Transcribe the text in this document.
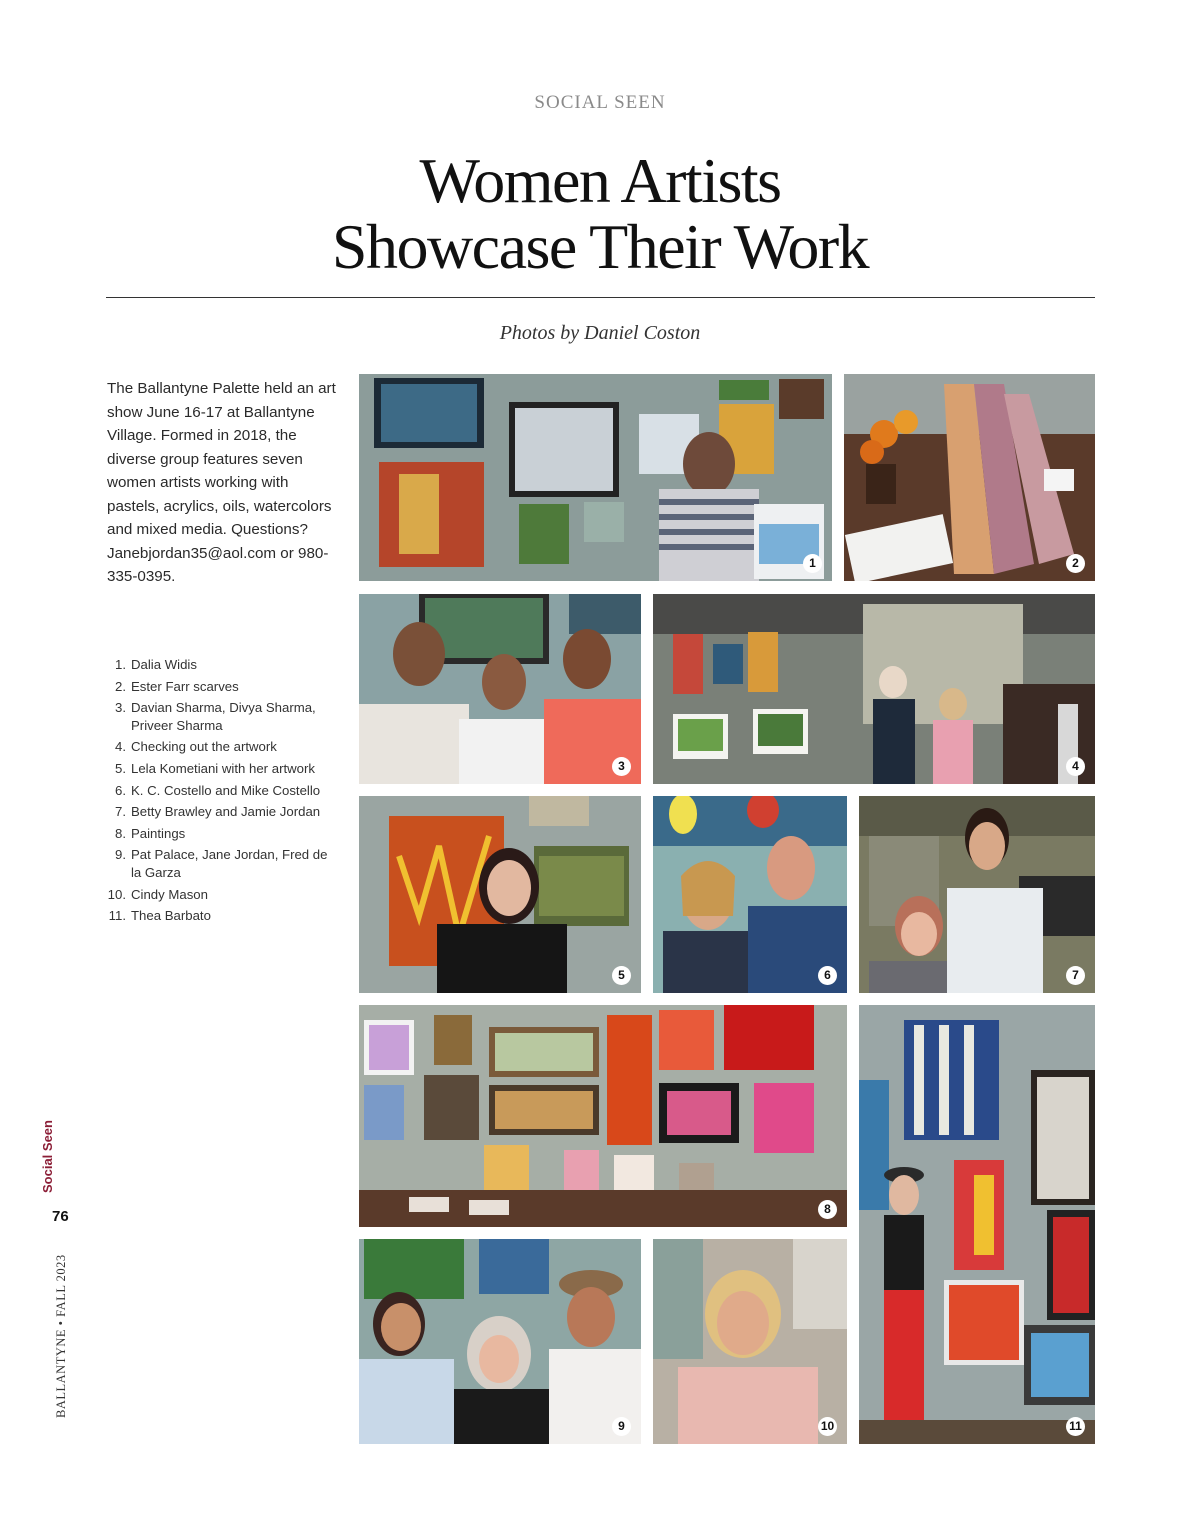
SOCIAL SEEN
Women Artists
Showcase Their Work
Photos by Daniel Coston

The Ballantyne Palette held an art show June 16-17 at Ballantyne Village. Formed in 2018, the diverse group features seven women artists working with pastels, acrylics, oils, watercolors and mixed media. Questions? Janebjordan35@aol.com or 980-335-0395.

1. Dalia Widis
2. Ester Farr scarves
3. Davian Sharma, Divya Sharma, Priveer Sharma
4. Checking out the artwork
5. Lela Kometiani with her artwork
6. K. C. Costello and Mike Costello
7. Betty Brawley and Jamie Jordan
8. Paintings
9. Pat Palace, Jane Jordan, Fred de la Garza
10. Cindy Mason
11. Thea Barbato
1	2
3	4
5	6	7
8
9	10	11
Social Seen
76
BALLANTYNE • FALL 2023
